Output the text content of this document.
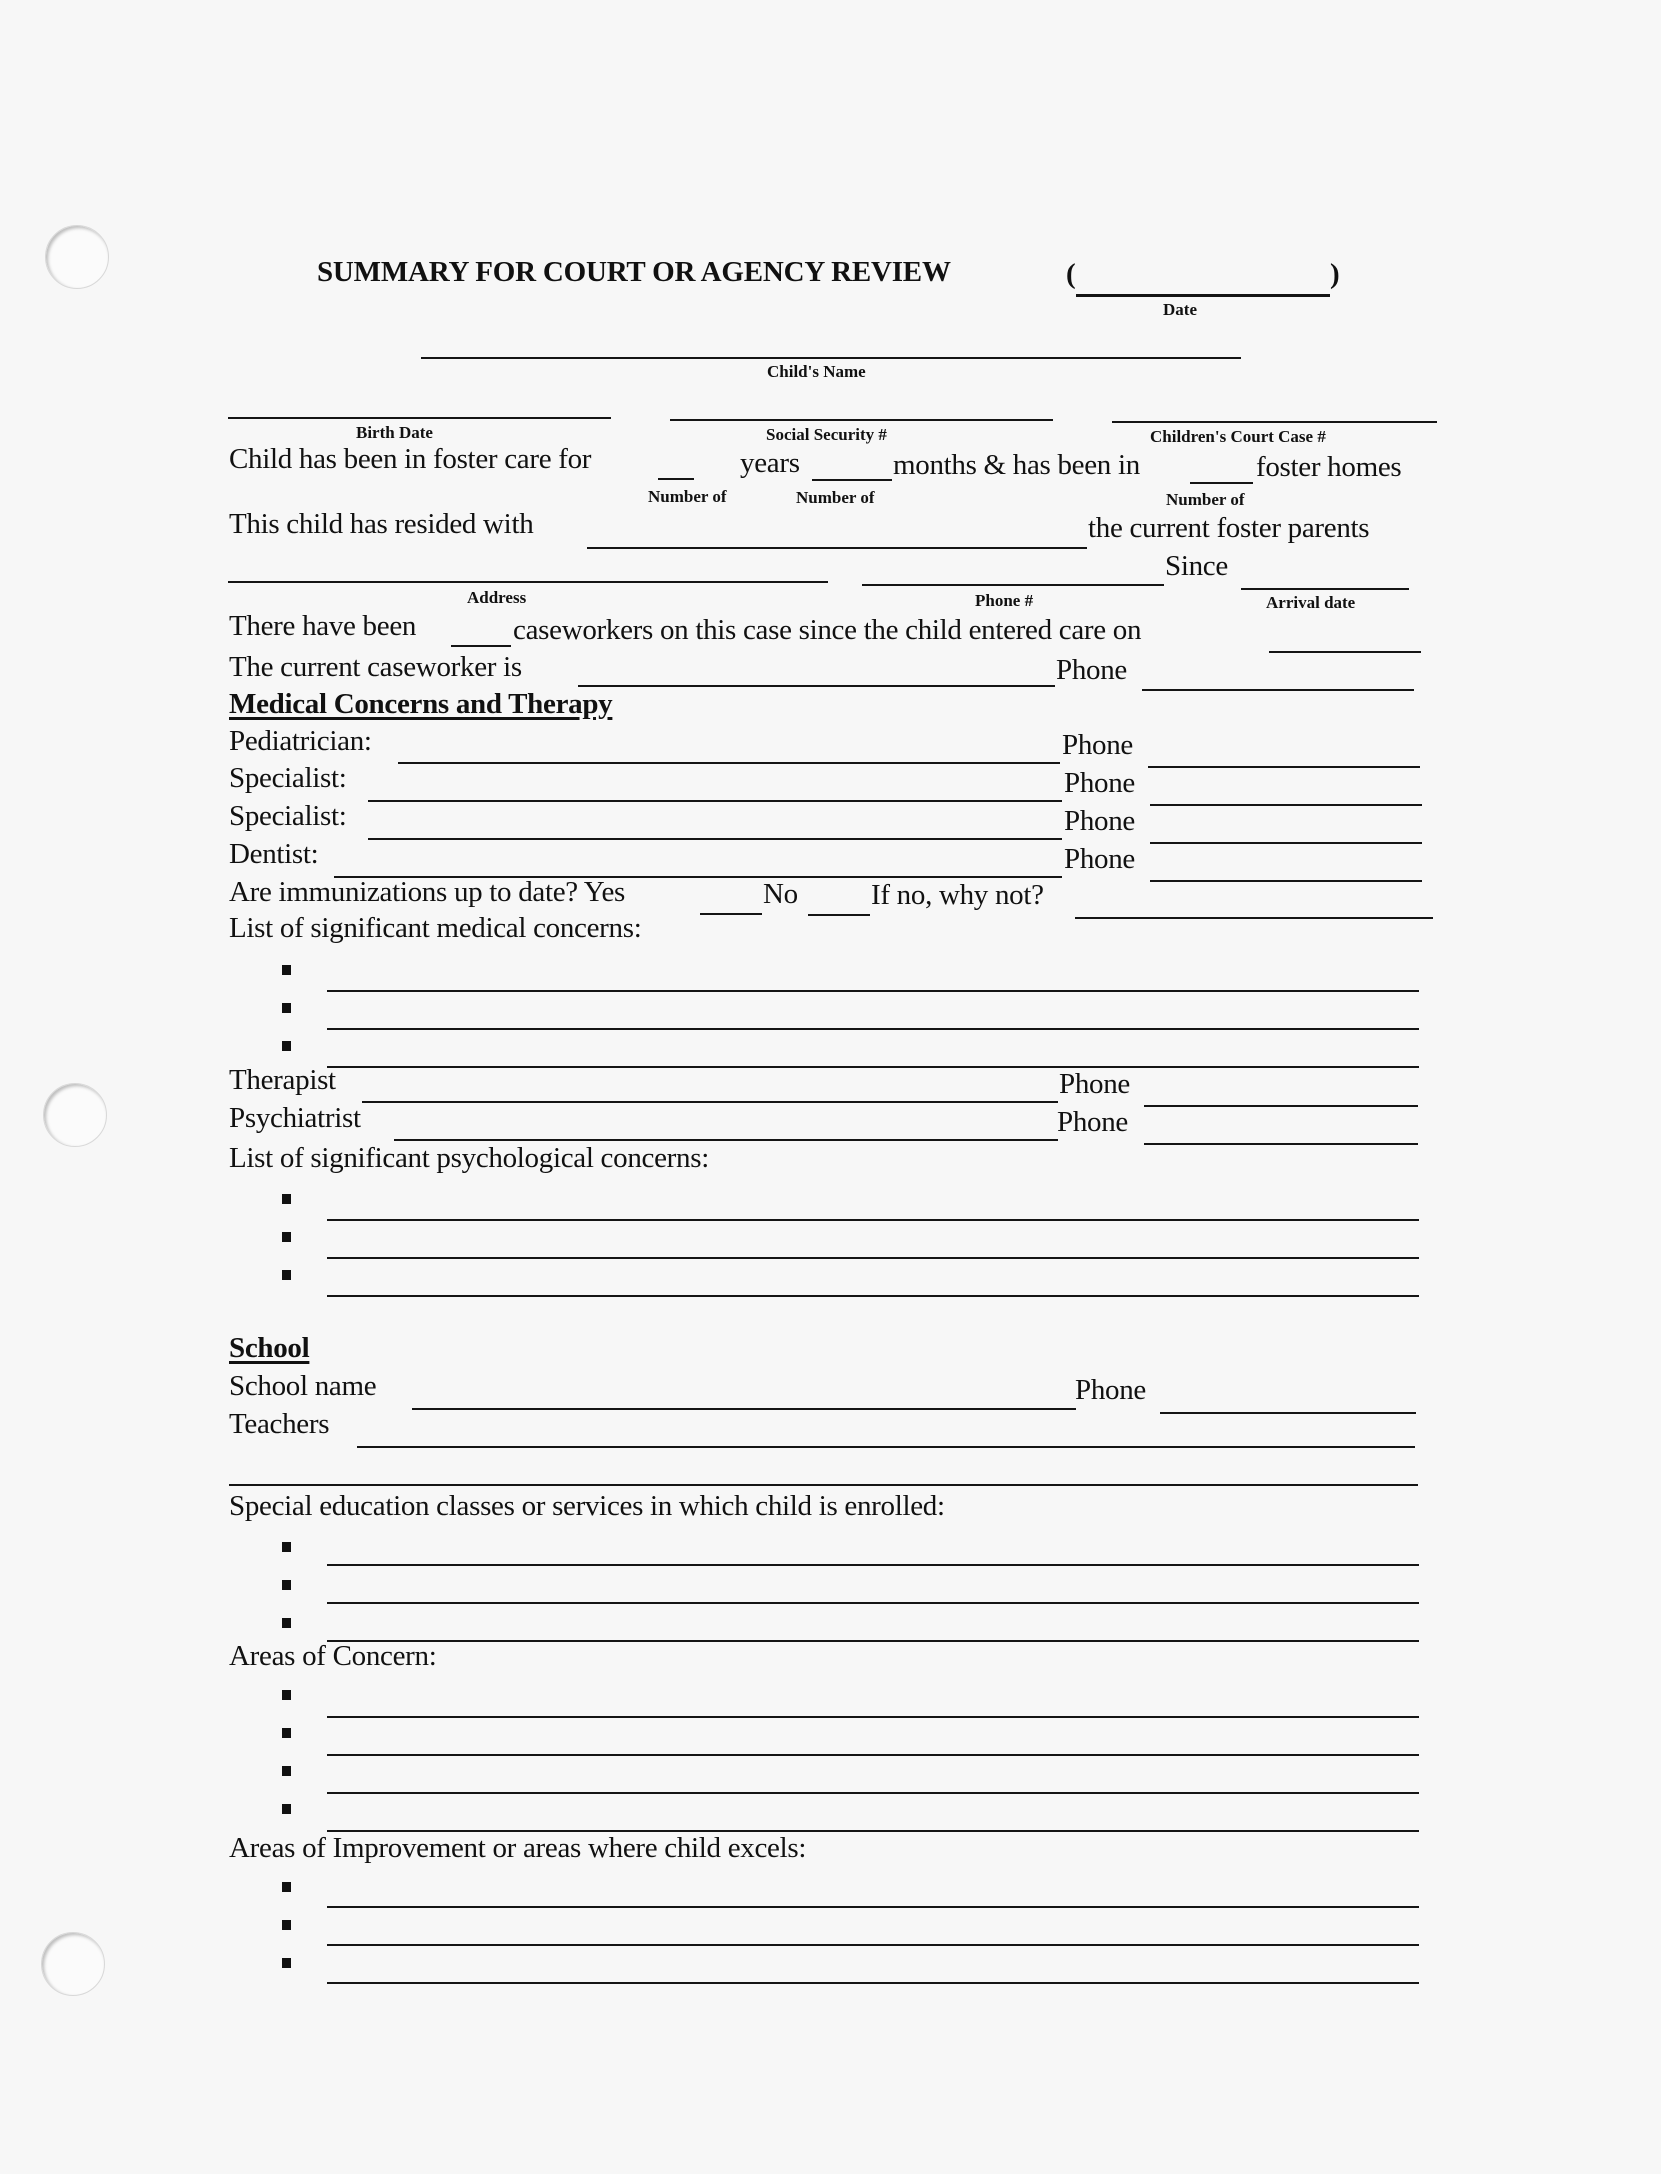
SUMMARY FOR COURT OR AGENCY REVIEW	(	)
Date
Child's Name
Birth Date	Social Security #	Children's Court Case #
Child has been in foster care for	years	months & has been in	foster homes
Number of	Number of	Number of
This child has resided with	the current foster parents
Since
Address	Phone #	Arrival date
There have been	caseworkers on this case since the child entered care on
The current caseworker is	Phone
Medical Concerns and Therapy
Pediatrician:	Phone
Specialist:	Phone
Specialist:	Phone
Dentist:	Phone
Are immunizations up to date? Yes	No	If no, why not?
List of significant medical concerns:
Therapist	Phone
Psychiatrist	Phone
List of significant psychological concerns:
School
School name	Phone
Teachers
Special education classes or services in which child is enrolled:
Areas of Concern:
Areas of Improvement or areas where child excels:
